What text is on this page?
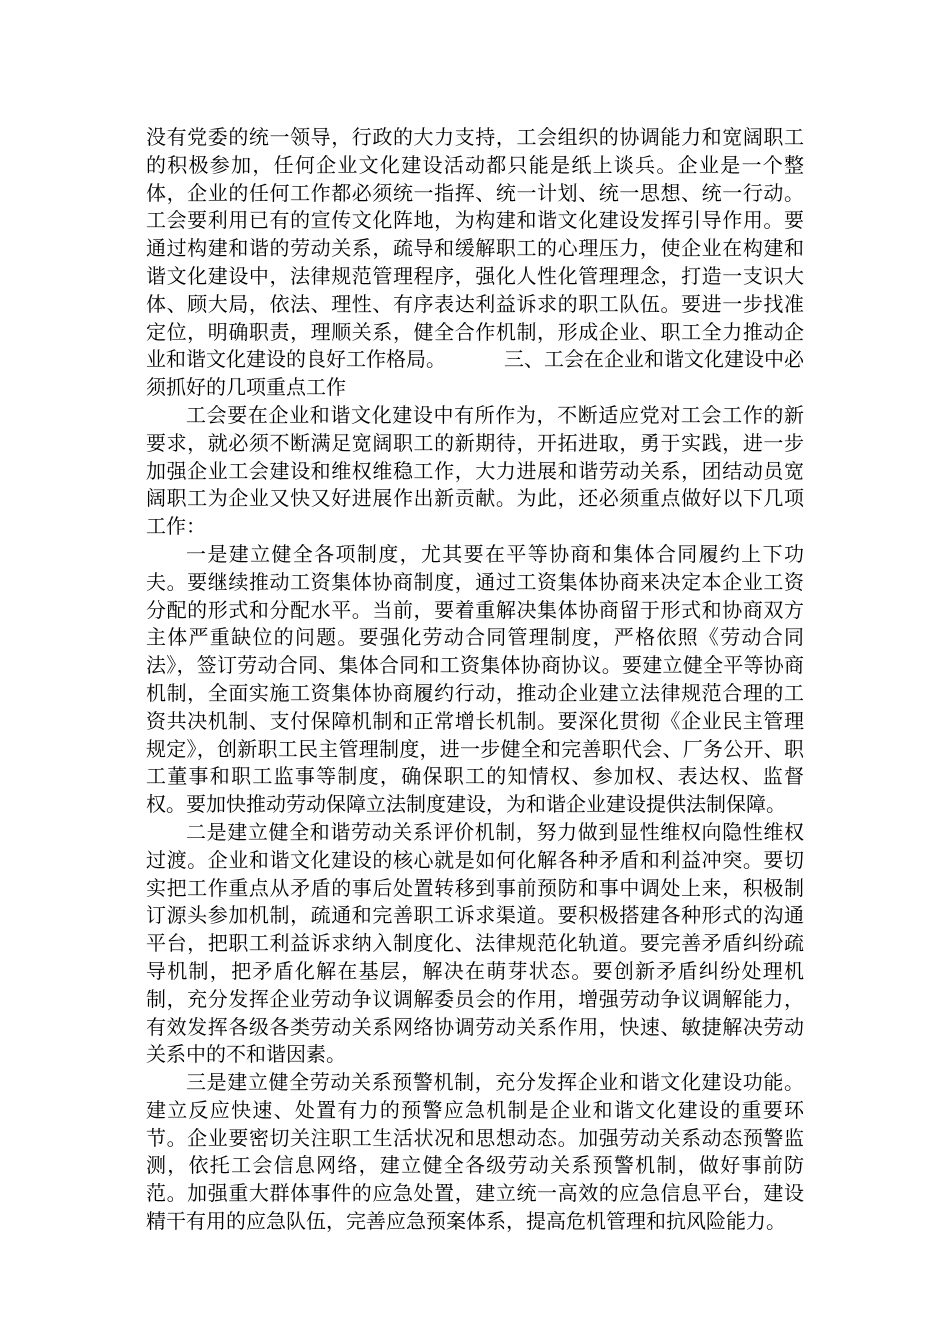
没有党委的统一领导，行政的大力支持，工会组织的协调能力和宽阔职工的积极参加，任何企业文化建设活动都只能是纸上谈兵。企业是一个整体，企业的任何工作都必须统一指挥、统一计划、统一思想、统一行动。工会要利用已有的宣传文化阵地，为构建和谐文化建设发挥引导作用。要通过构建和谐的劳动关系，疏导和缓解职工的心理压力，使企业在构建和谐文化建设中，法律规范管理程序，强化人性化管理理念，打造一支识大体、顾大局，依法、理性、有序表达利益诉求的职工队伍。要进一步找准定位，明确职责，理顺关系，健全合作机制，形成企业、职工全力推动企业和谐文化建设的良好工作格局。	三、工会在企业和谐文化建设中必须抓好的几项重点工作

工会要在企业和谐文化建设中有所作为，不断适应党对工会工作的新要求，就必须不断满足宽阔职工的新期待，开拓进取，勇于实践，进一步加强企业工会建设和维权维稳工作，大力进展和谐劳动关系，团结动员宽阔职工为企业又快又好进展作出新贡献。为此，还必须重点做好以下几项工作：

一是建立健全各项制度，尤其要在平等协商和集体合同履约上下功夫。要继续推动工资集体协商制度，通过工资集体协商来决定本企业工资分配的形式和分配水平。当前，要着重解决集体协商留于形式和协商双方主体严重缺位的问题。要强化劳动合同管理制度，严格依照《劳动合同法》，签订劳动合同、集体合同和工资集体协商协议。要建立健全平等协商机制，全面实施工资集体协商履约行动，推动企业建立法律规范合理的工资共决机制、支付保障机制和正常增长机制。要深化贯彻《企业民主管理规定》，创新职工民主管理制度，进一步健全和完善职代会、厂务公开、职工董事和职工监事等制度，确保职工的知情权、参加权、表达权、监督权。要加快推动劳动保障立法制度建设，为和谐企业建设提供法制保障。

二是建立健全和谐劳动关系评价机制，努力做到显性维权向隐性维权过渡。企业和谐文化建设的核心就是如何化解各种矛盾和利益冲突。要切实把工作重点从矛盾的事后处置转移到事前预防和事中调处上来，积极制订源头参加机制，疏通和完善职工诉求渠道。要积极搭建各种形式的沟通平台，把职工利益诉求纳入制度化、法律规范化轨道。要完善矛盾纠纷疏导机制，把矛盾化解在基层，解决在萌芽状态。要创新矛盾纠纷处理机制，充分发挥企业劳动争议调解委员会的作用，增强劳动争议调解能力，有效发挥各级各类劳动关系网络协调劳动关系作用，快速、敏捷解决劳动关系中的不和谐因素。

三是建立健全劳动关系预警机制，充分发挥企业和谐文化建设功能。建立反应快速、处置有力的预警应急机制是企业和谐文化建设的重要环节。企业要密切关注职工生活状况和思想动态。加强劳动关系动态预警监测，依托工会信息网络，建立健全各级劳动关系预警机制，做好事前防范。加强重大群体事件的应急处置，建立统一高效的应急信息平台，建设精干有用的应急队伍，完善应急预案体系，提高危机管理和抗风险能力。
